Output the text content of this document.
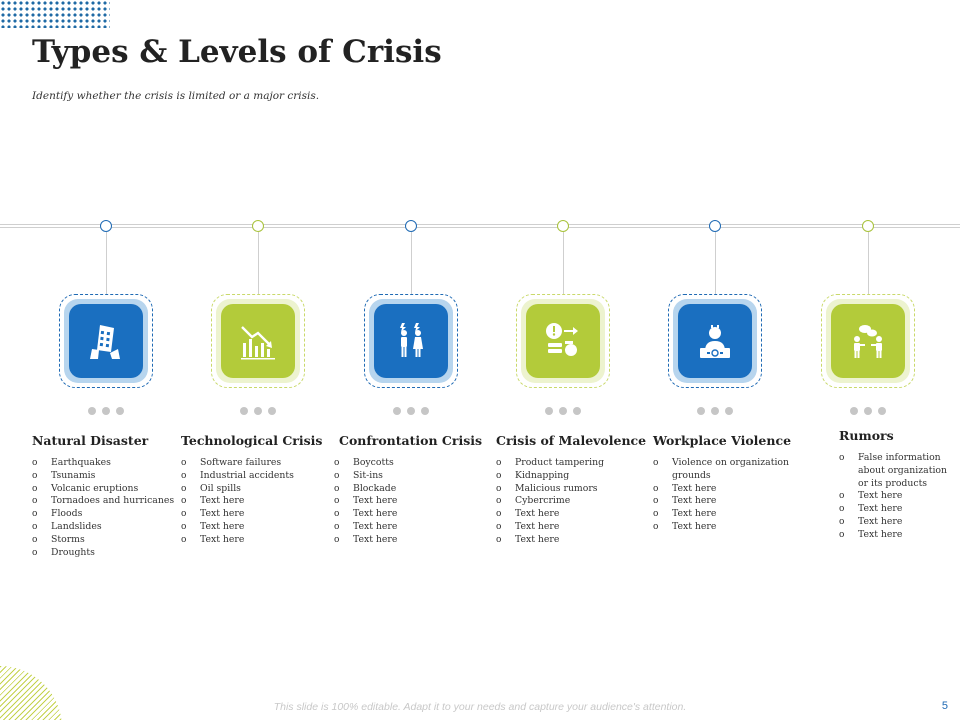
Types & Levels of Crisis
Identify whether the crisis is limited or a major crisis.
Natural Disaster
o Earthquakes
o Tsunamis
o Volcanic eruptions
o Tornadoes and hurricanes
o Floods
o Landslides
o Storms
o Droughts
Technological Crisis
o Software failures
o Industrial accidents
o Oil spills
o Text here
o Text here
o Text here
o Text here
Confrontation Crisis
o Boycotts
o Sit-ins
o Blockade
o Text here
o Text here
o Text here
o Text here
Crisis of Malevolence
o Product tampering
o Kidnapping
o Malicious rumors
o Cybercrime
o Text here
o Text here
o Text here
Workplace Violence
o Violence on organization grounds
o Text here
o Text here
o Text here
o Text here
Rumors
o False information about organization or its products
o Text here
o Text here
o Text here
o Text here
This slide is 100% editable. Adapt it to your needs and capture your audience's attention.	5
